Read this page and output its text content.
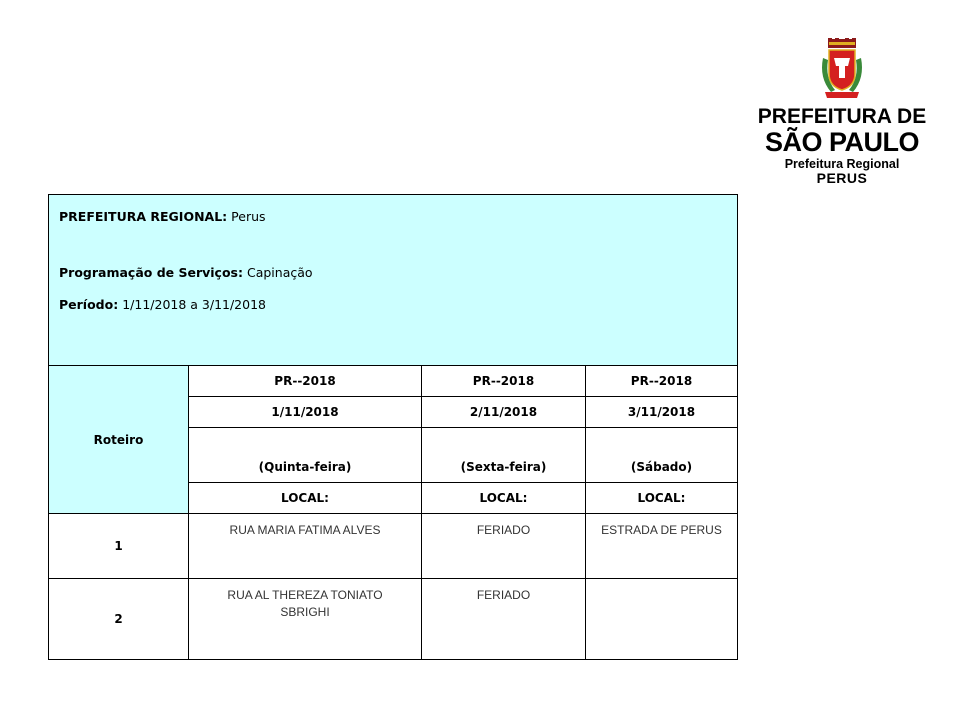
PREFEITURA DE
SÃO PAULO
Prefeitura Regional
PERUS

PREFEITURA REGIONAL: Perus

Programação de Serviços: Capinação

Período: 1/11/2018 a 3/11/2018			

Roteiro	PR--2018	PR--2018	PR--2018
	1/11/2018	2/11/2018	3/11/2018
	(Quinta-feira)	(Sexta-feira)	(Sábado)
	LOCAL:	LOCAL:	LOCAL:
1	RUA MARIA FATIMA ALVES	FERIADO	ESTRADA DE PERUS
2	RUA AL THEREZA TONIATO SBRIGHI	FERIADO	
